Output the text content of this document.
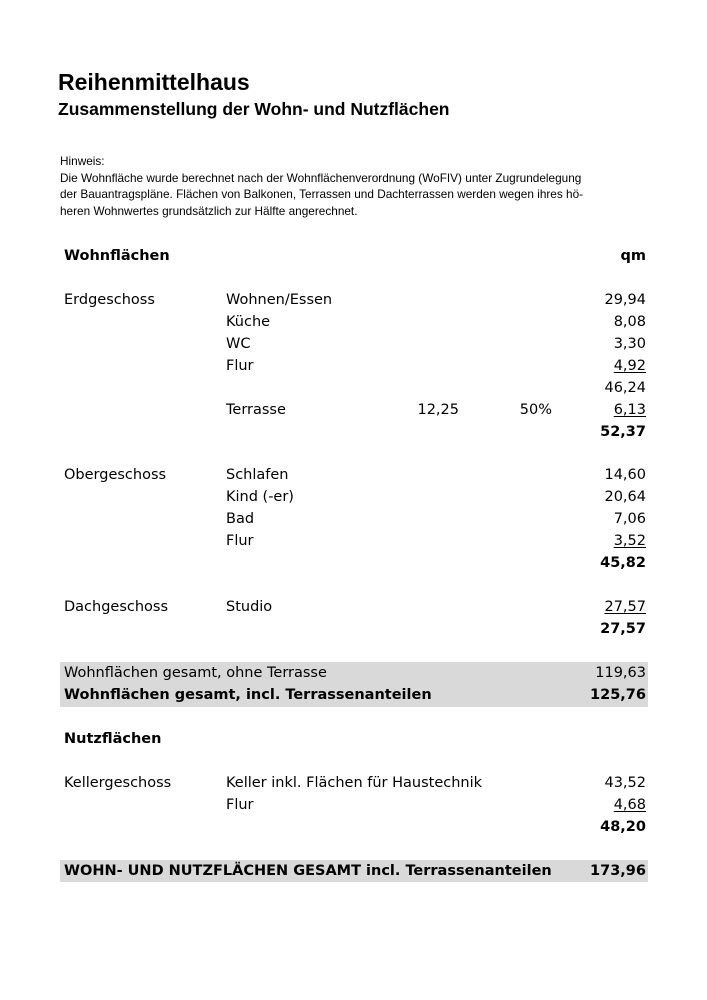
Reihenmittelhaus
Zusammenstellung der Wohn- und Nutzflächen
Hinweis:
Die Wohnfläche wurde berechnet nach der Wohnflächenverordnung (WoFIV) unter Zugrundelegung
der Bauantragspläne. Flächen von Balkonen, Terrassen und Dachterrassen werden wegen ihres hö-
heren Wohnwertes grundsätzlich zur Hälfte angerechnet.
Wohnflächen	qm
Erdgeschoss	Wohnen/Essen	29,94
Küche	8,08
WC	3,30
Flur	4,92
46,24
Terrasse	12,25	50%	6,13
52,37
Obergeschoss	Schlafen	14,60
Kind (-er)	20,64
Bad	7,06
Flur	3,52
45,82
Dachgeschoss	Studio	27,57
27,57
Wohnflächen gesamt, ohne Terrasse	119,63
Wohnflächen gesamt, incl. Terrassenanteilen	125,76
Nutzflächen
Kellergeschoss	Keller inkl. Flächen für Haustechnik	43,52
Flur	4,68
48,20
WOHN- UND NUTZFLÄCHEN GESAMT incl. Terrassenanteilen	173,96
